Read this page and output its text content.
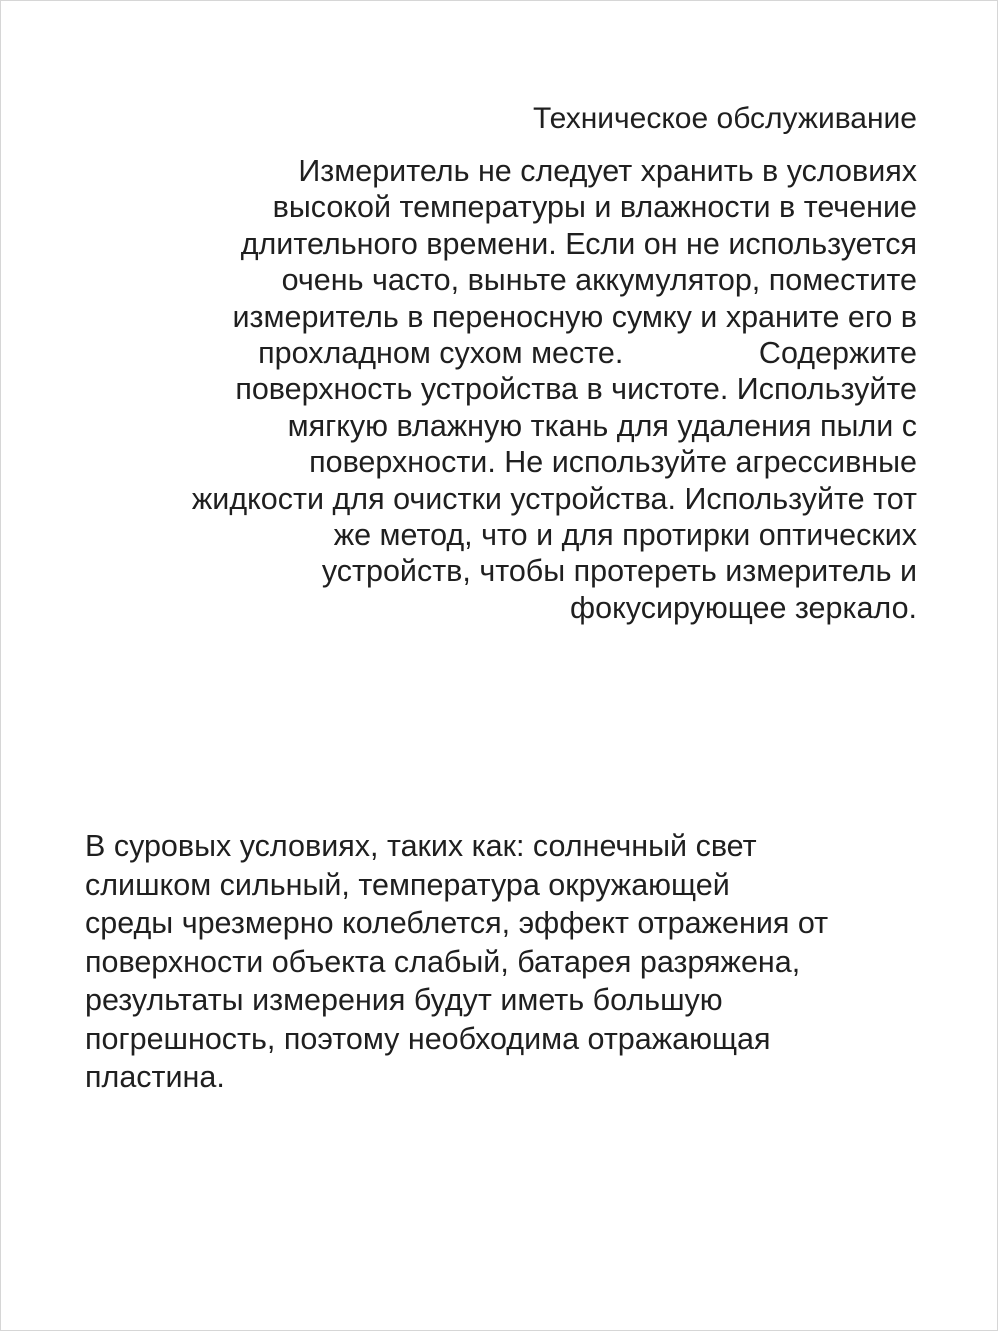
Техническое обслуживание
Измеритель не следует хранить в условиях
высокой температуры и влажности в течение
длительного времени. Если он не используется
очень часто, выньте аккумулятор, поместите
измеритель в переносную сумку и храните его в
прохладном сухом месте.                Содержите
поверхность устройства в чистоте. Используйте
мягкую влажную ткань для удаления пыли с
поверхности. Не используйте агрессивные
жидкости для очистки устройства. Используйте тот
же метод, что и для протирки оптических
устройств, чтобы протереть измеритель и
фокусирующее зеркало.
В суровых условиях, таких как: солнечный свет
слишком сильный, температура окружающей
среды чрезмерно колеблется, эффект отражения от
поверхности объекта слабый, батарея разряжена,
результаты измерения будут иметь большую
погрешность, поэтому необходима отражающая
пластина.
